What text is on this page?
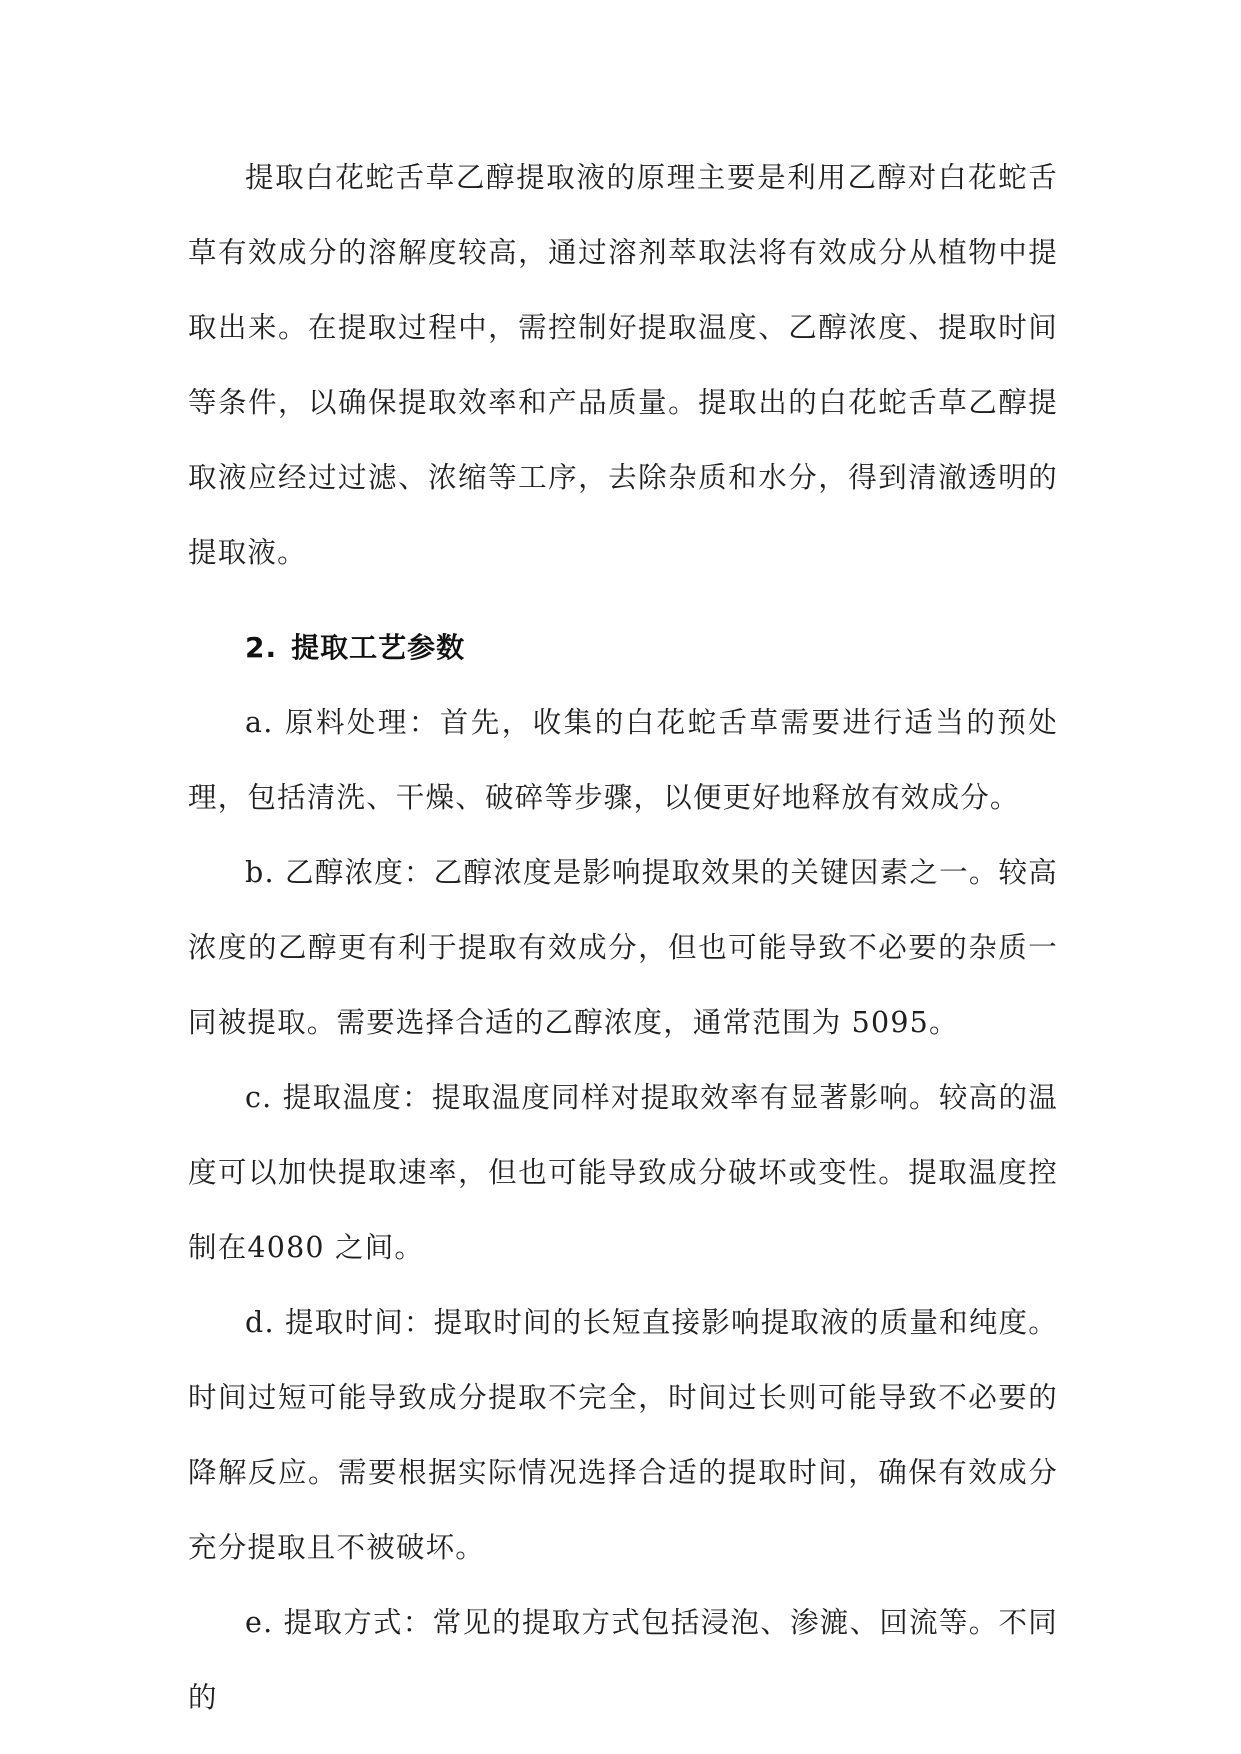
提取白花蛇舌草乙醇提取液的原理主要是利用乙醇对白花蛇舌草有效成分的溶解度较高，通过溶剂萃取法将有效成分从植物中提取出来。在提取过程中，需控制好提取温度、乙醇浓度、提取时间等条件，以确保提取效率和产品质量。提取出的白花蛇舌草乙醇提取液应经过过滤、浓缩等工序，去除杂质和水分，得到清澈透明的提取液。

2. 提取工艺参数

a. 原料处理：首先，收集的白花蛇舌草需要进行适当的预处理，包括清洗、干燥、破碎等步骤，以便更好地释放有效成分。

b. 乙醇浓度：乙醇浓度是影响提取效果的关键因素之一。较高浓度的乙醇更有利于提取有效成分，但也可能导致不必要的杂质一同被提取。需要选择合适的乙醇浓度，通常范围为 5095。

c. 提取温度：提取温度同样对提取效率有显著影响。较高的温度可以加快提取速率，但也可能导致成分破坏或变性。提取温度控制在4080 之间。

d. 提取时间：提取时间的长短直接影响提取液的质量和纯度。时间过短可能导致成分提取不完全，时间过长则可能导致不必要的降解反应。需要根据实际情况选择合适的提取时间，确保有效成分充分提取且不被破坏。

e. 提取方式：常见的提取方式包括浸泡、渗漉、回流等。不同的
